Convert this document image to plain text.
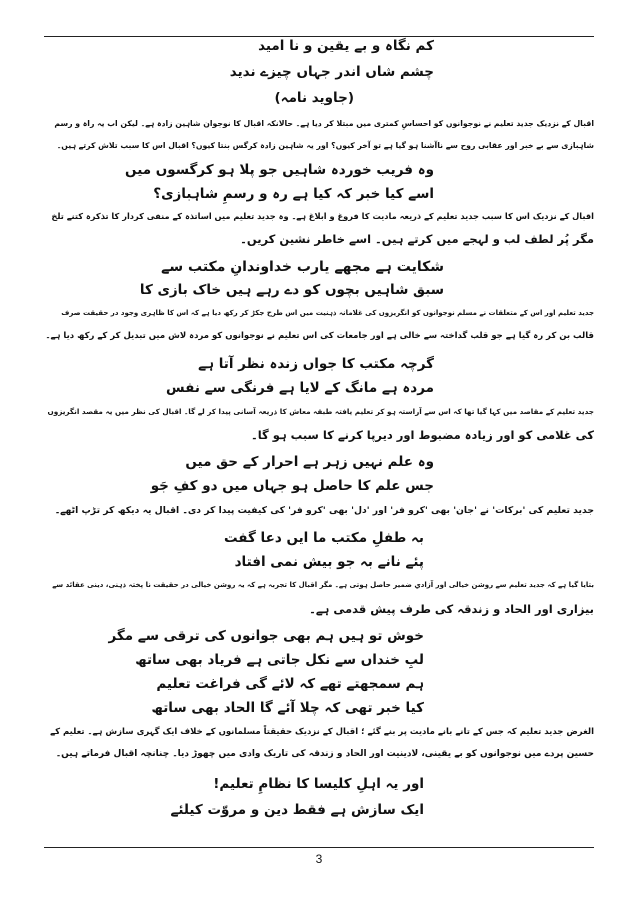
کم نگاہ و بے یقین و نا امید
چشم شاں اندر جہاں چیزے ندید
(جاوید نامہ)
اقبال کے نزدیک جدید تعلیم نے نوجوانوں کو احساسِ کمتری میں مبتلا کر دیا ہے۔ حالانکہ اقبال کا نوجوان شاہین زادہ ہے۔ لیکن اب یہ راہ و رسم
شاہبازی سے بے خبر اور عقابی روح سے ناآشنا ہو گیا ہے تو آخر کیوں؟ اور یہ شاہین زادہ کرگس بنتا کیوں؟ اقبال اس کا سبب تلاش کرتے ہیں۔
وہ فریب خوردہ شاہیں جو پلا ہو کرگسوں میں
اسے کیا خبر کہ کیا ہے رہ و رسمِ شاہبازی؟
اقبال کے نزدیک اس کا سبب جدید تعلیم کے ذریعہ مادیت کا فروغ و ابلاغ ہے۔ وہ جدید تعلیم میں اساتذہ کے منفی کردار کا تذکرہ کتنے تلخ
مگر پُر لطف لب و لہجے میں کرتے ہیں۔ اسے خاطر نشین کریں۔
شکایت ہے مجھے یارب خداوندانِ مکتب سے
سبق شاہیں بچوں کو دے رہے ہیں خاک بازی کا
جدید تعلیم اور اس کے متعلقات نے مسلم نوجوانوں کو انگریزوں کی غلامانہ ذہنیت میں اس طرح جکڑ کر رکھ دیا ہے کہ اس کا ظاہری وجود در حقیقت صرف
قالب بن کر رہ گیا ہے جو قلب گداختہ سے خالی ہے اور جامعات کی اس تعلیم نے نوجوانوں کو مردہ لاش میں تبدیل کر کے رکھ دیا ہے۔
گرچہ مکتب کا جواں زندہ نظر آتا ہے
مردہ ہے مانگ کے لایا ہے فرنگی سے نفس
جدید تعلیم کے مقاصد میں کہا گیا تھا کہ اس سے آراستہ ہو کر تعلیم یافتہ طبقہ معاش کا ذریعہ آسانی پیدا کر لے گا۔ اقبال کی نظر میں یہ مقصد انگریزوں
کی غلامی کو اور زیادہ مضبوط اور دیرپا کرنے کا سبب ہو گا۔
وہ علم نہیں زہر ہے احرار کے حق میں
جس علم کا حاصل ہو جہاں میں دو کفِ جَو
جدید تعلیم کی 'برکات' نے 'جان' بھی 'کرو فر' اور 'دل' بھی 'کرو فر' کی کیفیت پیدا کر دی۔ اقبال یہ دیکھ کر تڑپ اٹھے۔
بہ طفلِ مکتب ما ایں دعا گفت
پئے نانے بہ جو بیش نمی افتاد
بتایا گیا ہے کہ جدید تعلیم سے روشن خیالی اور آزادیِ ضمیر حاصل ہوتی ہے۔ مگر اقبال کا تجربہ ہے کہ یہ روشن خیالی در حقیقت نا پختہ ذہنی، دینی عقائد سے
بیزاری اور الحاد و زندقہ کی طرف پیش قدمی ہے۔
خوش تو ہیں ہم بھی جوانوں کی ترقی سے مگر
لبِ خنداں سے نکل جاتی ہے فریاد بھی ساتھ
ہم سمجھتے تھے کہ لائے گی فراغت تعلیم
کیا خبر تھی کہ چلا آئے گا الحاد بھی ساتھ
الغرض جدید تعلیم کہ جس کے تانے بانے مادیت پر بنے گئے ؛ اقبال کے نزدیک حقیقتاً مسلمانوں کے خلاف ایک گہری سازش ہے۔ تعلیم کے
حسین پردے میں نوجوانوں کو بے یقینی، لادینیت اور الحاد و زندقہ کی تاریک وادی میں چھوڑ دیا۔ چنانچہ اقبال فرماتے ہیں۔
اور یہ اہلِ کلیسا کا نظامِ تعلیم!
ایک سازش ہے فقط دین و مروّت کیلئے
3
